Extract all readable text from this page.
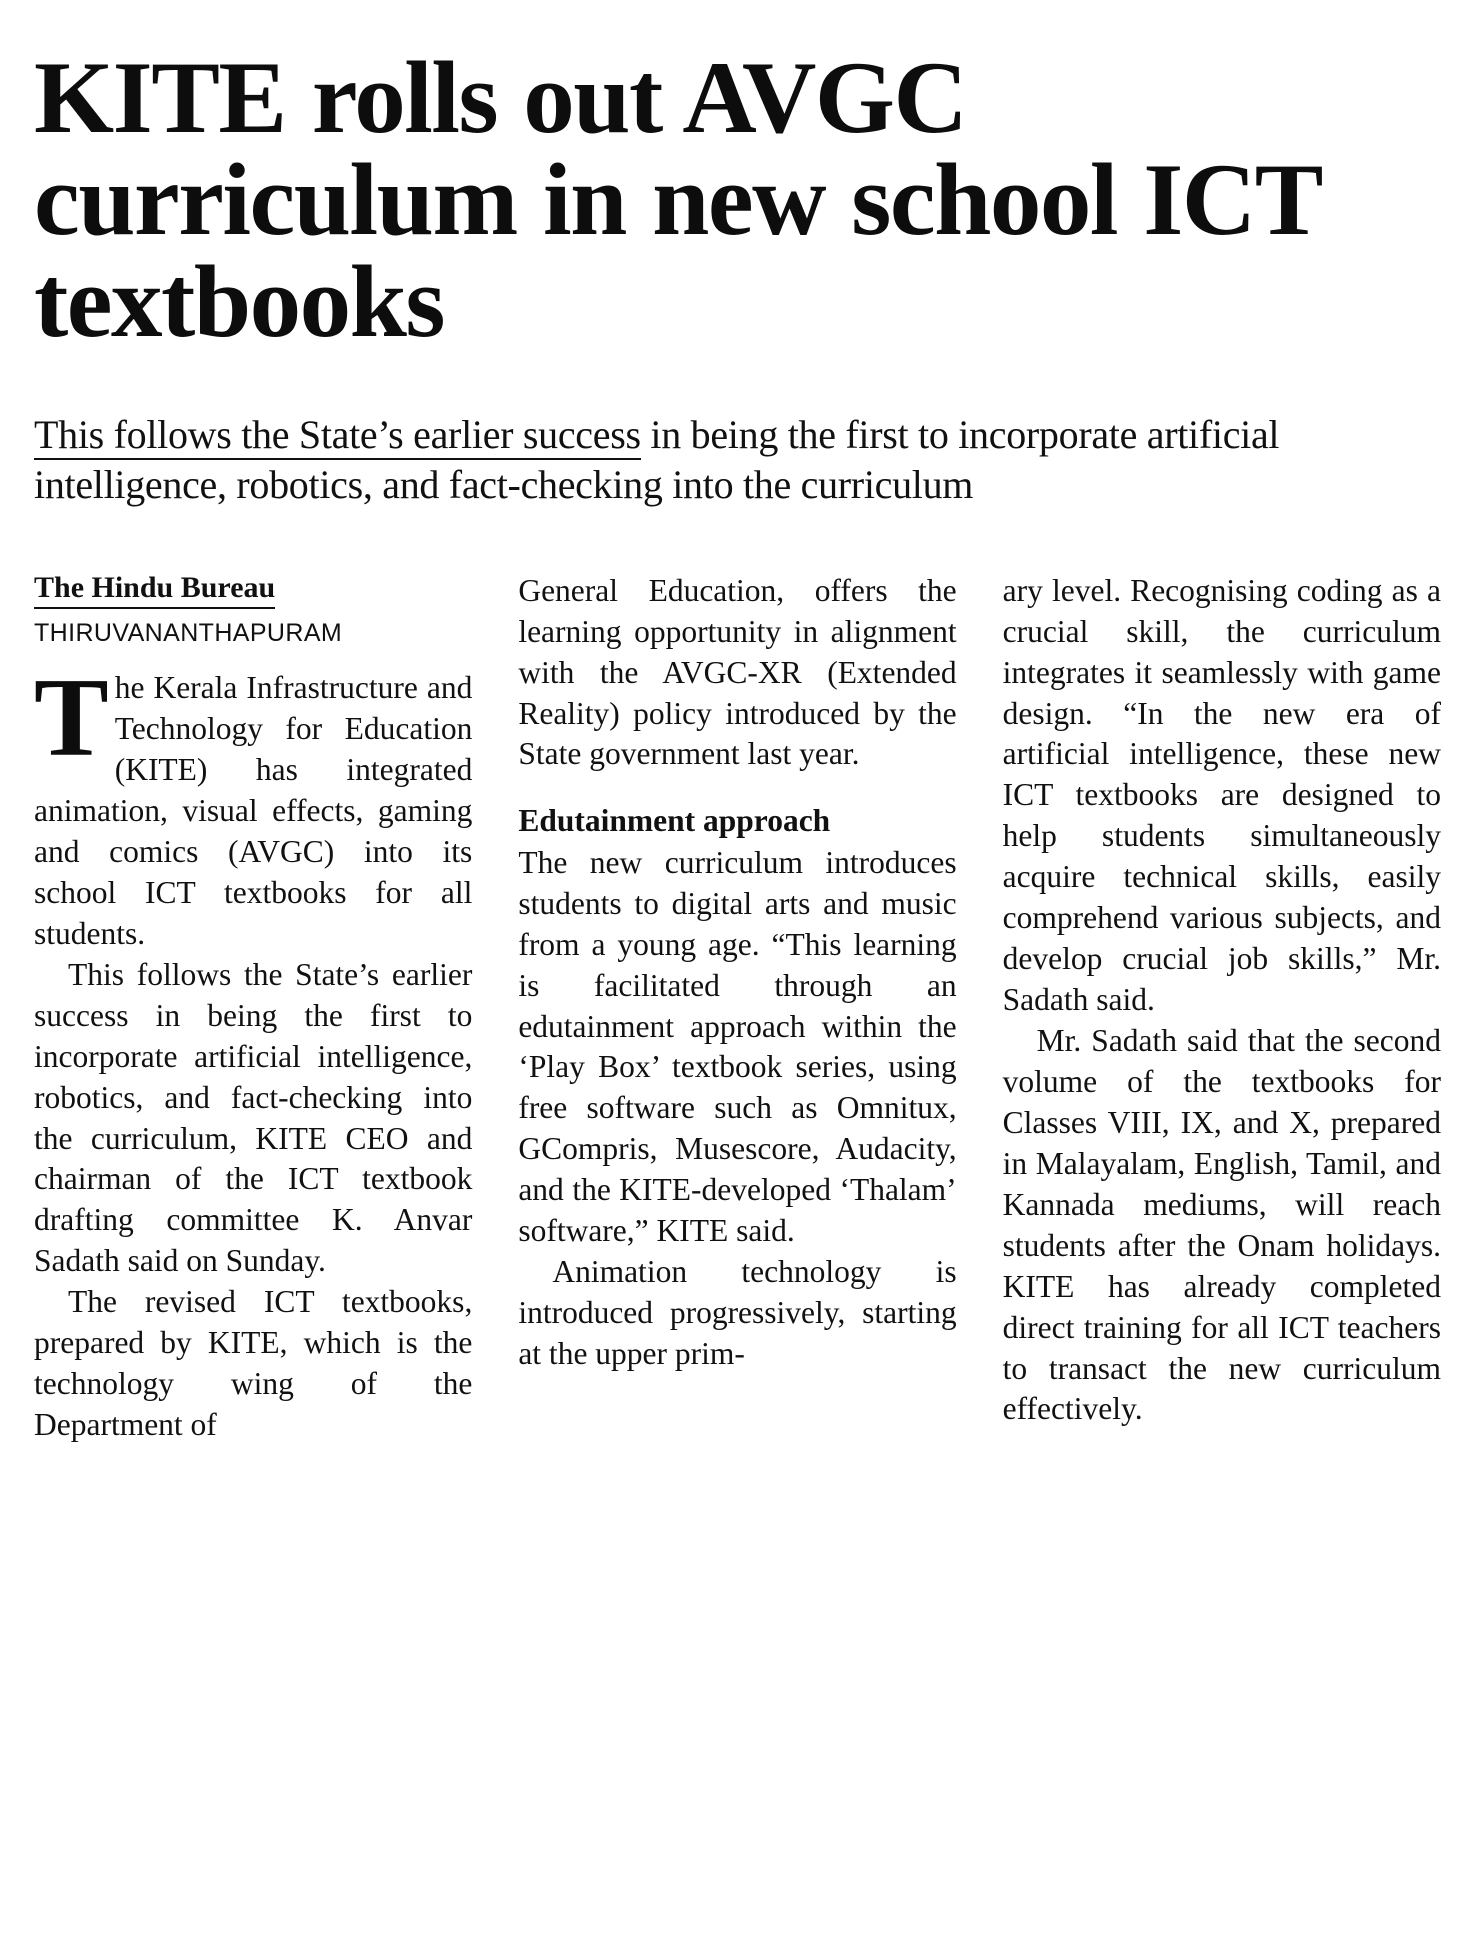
KITE rolls out AVGC curriculum in new school ICT textbooks
This follows the State’s earlier success in being the first to incorporate artificial intelligence, robotics, and fact-checking into the curriculum
The Hindu Bureau
THIRUVANANTHAPURAM

The Kerala Infrastructure and Technology for Education (KITE) has integrated animation, visual effects, gaming and comics (AVGC) into its school ICT textbooks for all students.

This follows the State’s earlier success in being the first to incorporate artificial intelligence, robotics, and fact-checking into the curriculum, KITE CEO and chairman of the ICT textbook drafting committee K. Anvar Sadath said on Sunday.

The revised ICT textbooks, prepared by KITE, which is the technology wing of the Department of

General Education, offers the learning opportunity in alignment with the AVGC-XR (Extended Reality) policy introduced by the State government last year.

Edutainment approach

The new curriculum introduces students to digital arts and music from a young age. “This learning is facilitated through an edutainment approach within the ‘Play Box’ textbook series, using free software such as Omnitux, GCompris, Musescore, Audacity, and the KITE-developed ‘Thalam’ software,” KITE said.

Animation technology is introduced progressively, starting at the upper prim-

ary level. Recognising coding as a crucial skill, the curriculum integrates it seamlessly with game design. “In the new era of artificial intelligence, these new ICT textbooks are designed to help students simultaneously acquire technical skills, easily comprehend various subjects, and develop crucial job skills,” Mr. Sadath said.

Mr. Sadath said that the second volume of the textbooks for Classes VIII, IX, and X, prepared in Malayalam, English, Tamil, and Kannada mediums, will reach students after the Onam holidays. KITE has already completed direct training for all ICT teachers to transact the new curriculum effectively.
